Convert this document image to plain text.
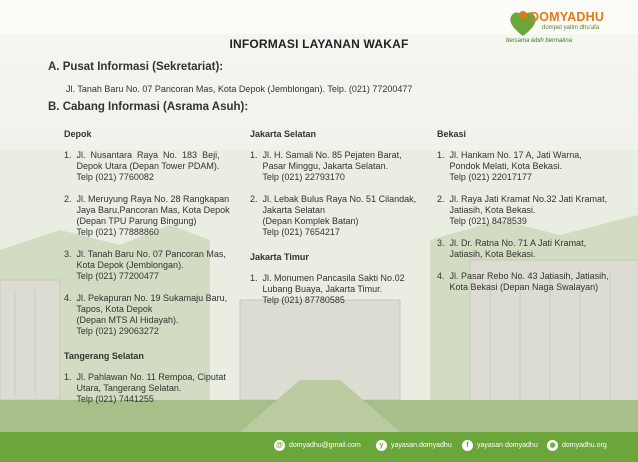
DOMYADHU
dompet yatim dhu'afa
bersama lebih bermakna
INFORMASI LAYANAN WAKAF
A. Pusat Informasi (Sekretariat):
Jl. Tanah Baru No. 07 Pancoran Mas, Kota Depok (Jemblongan). Telp. (021) 77200477
B. Cabang Informasi (Asrama Asuh):
Depok
1.  Jl.  Nusantara  Raya  No.  183  Beji,
Depok Utara (Depan Tower PDAM).
Telp (021) 7760082
2.  Jl. Meruyung Raya No. 28 Rangkapan
Jaya Baru,Pancoran Mas, Kota Depok
(Depan TPU Parung Bingung)
Telp (021) 77888860
3.  Jl. Tanah Baru No. 07 Pancoran Mas,
Kota Depok (Jemblongan).
Telp (021) 77200477
4.  Jl. Pekapuran No. 19 Sukamaju Baru,
Tapos, Kota Depok
(Depan MTS Al Hidayah).
Telp (021) 29063272
Tangerang Selatan
1.  Jl. Pahlawan No. 11 Rempoa, Ciputat
Utara, Tangerang Selatan.
Telp (021) 7441255
Jakarta Selatan
1.  Jl. H. Samali No. 85 Pejaten Barat,
Pasar Minggu, Jakarta Selatan.
Telp (021) 22793170
2.  Jl. Lebak Bulus Raya No. 51 Cilandak,
Jakarta Selatan
(Depan Komplek Batan)
Telp (021) 7654217
Jakarta Timur
1.  Jl. Monumen Pancasila Sakti No.02
Lubang Buaya, Jakarta Timur.
Telp (021) 87780585
Bekasi
1.  Jl. Hankam No. 17 A, Jati Warna,
Pondok Melati, Kota Bekasi.
Telp (021) 22017177
2.  Jl. Raya Jati Kramat No.32 Jati Kramat,
Jatiasih, Kota Bekasi.
Telp (021) 8478539
3.  Jl. Dr. Ratna No. 71 A Jati Kramat,
Jatiasih, Kota Bekasi.
4.  Jl. Pasar Rebo No. 43 Jatiasih, Jatiasih,
Kota Bekasi (Depan Naga Swalayan)
@ domyadhu@gmail.com	y	yayasan.domyadhu	f	yayasan domyadhu	◉ domyadhu.org
